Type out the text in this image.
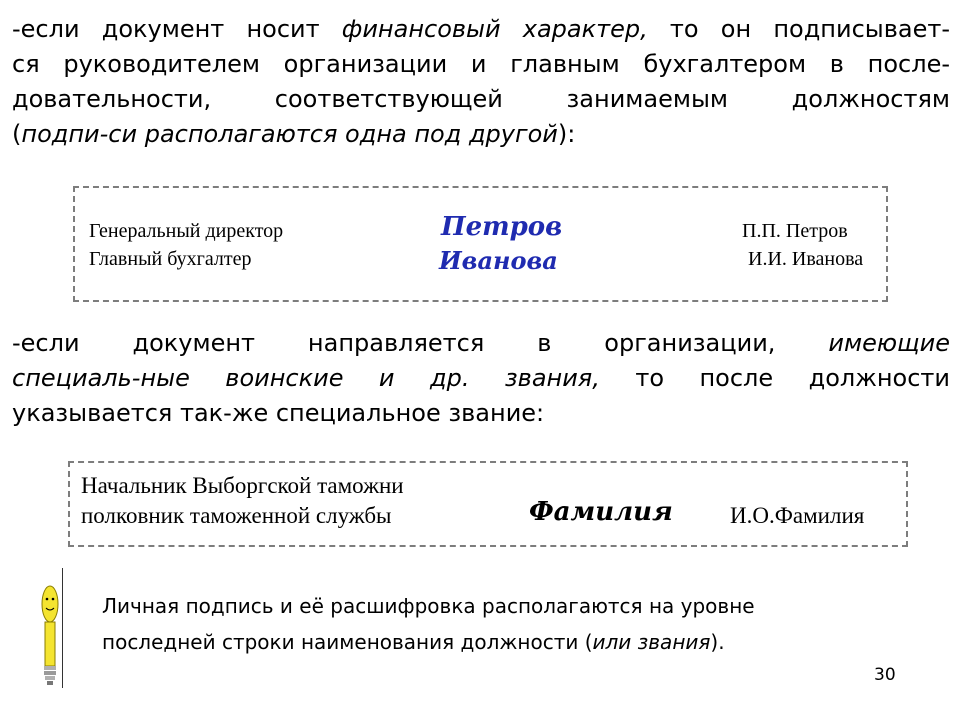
-если документ носит финансовый характер, то он подписывает-
ся руководителем организации и главным бухгалтером в после-
довательности, соответствующей занимаемым должностям
(подпи-си располагаются одна под другой):
Генеральный директор
Главный бухгалтер
Петров
Иванова
П.П. Петров
И.И. Иванова
-если документ направляется в организации, имеющие
специаль-ные воинские и др. звания, то после должности
указывается так-же специальное звание:
Начальник Выборгской таможни
полковник таможенной службы	Фамилия И.О.Фамилия
Личная подпись и её расшифровка располагаются на уровне
последней строки наименования должности (или звания).
30
